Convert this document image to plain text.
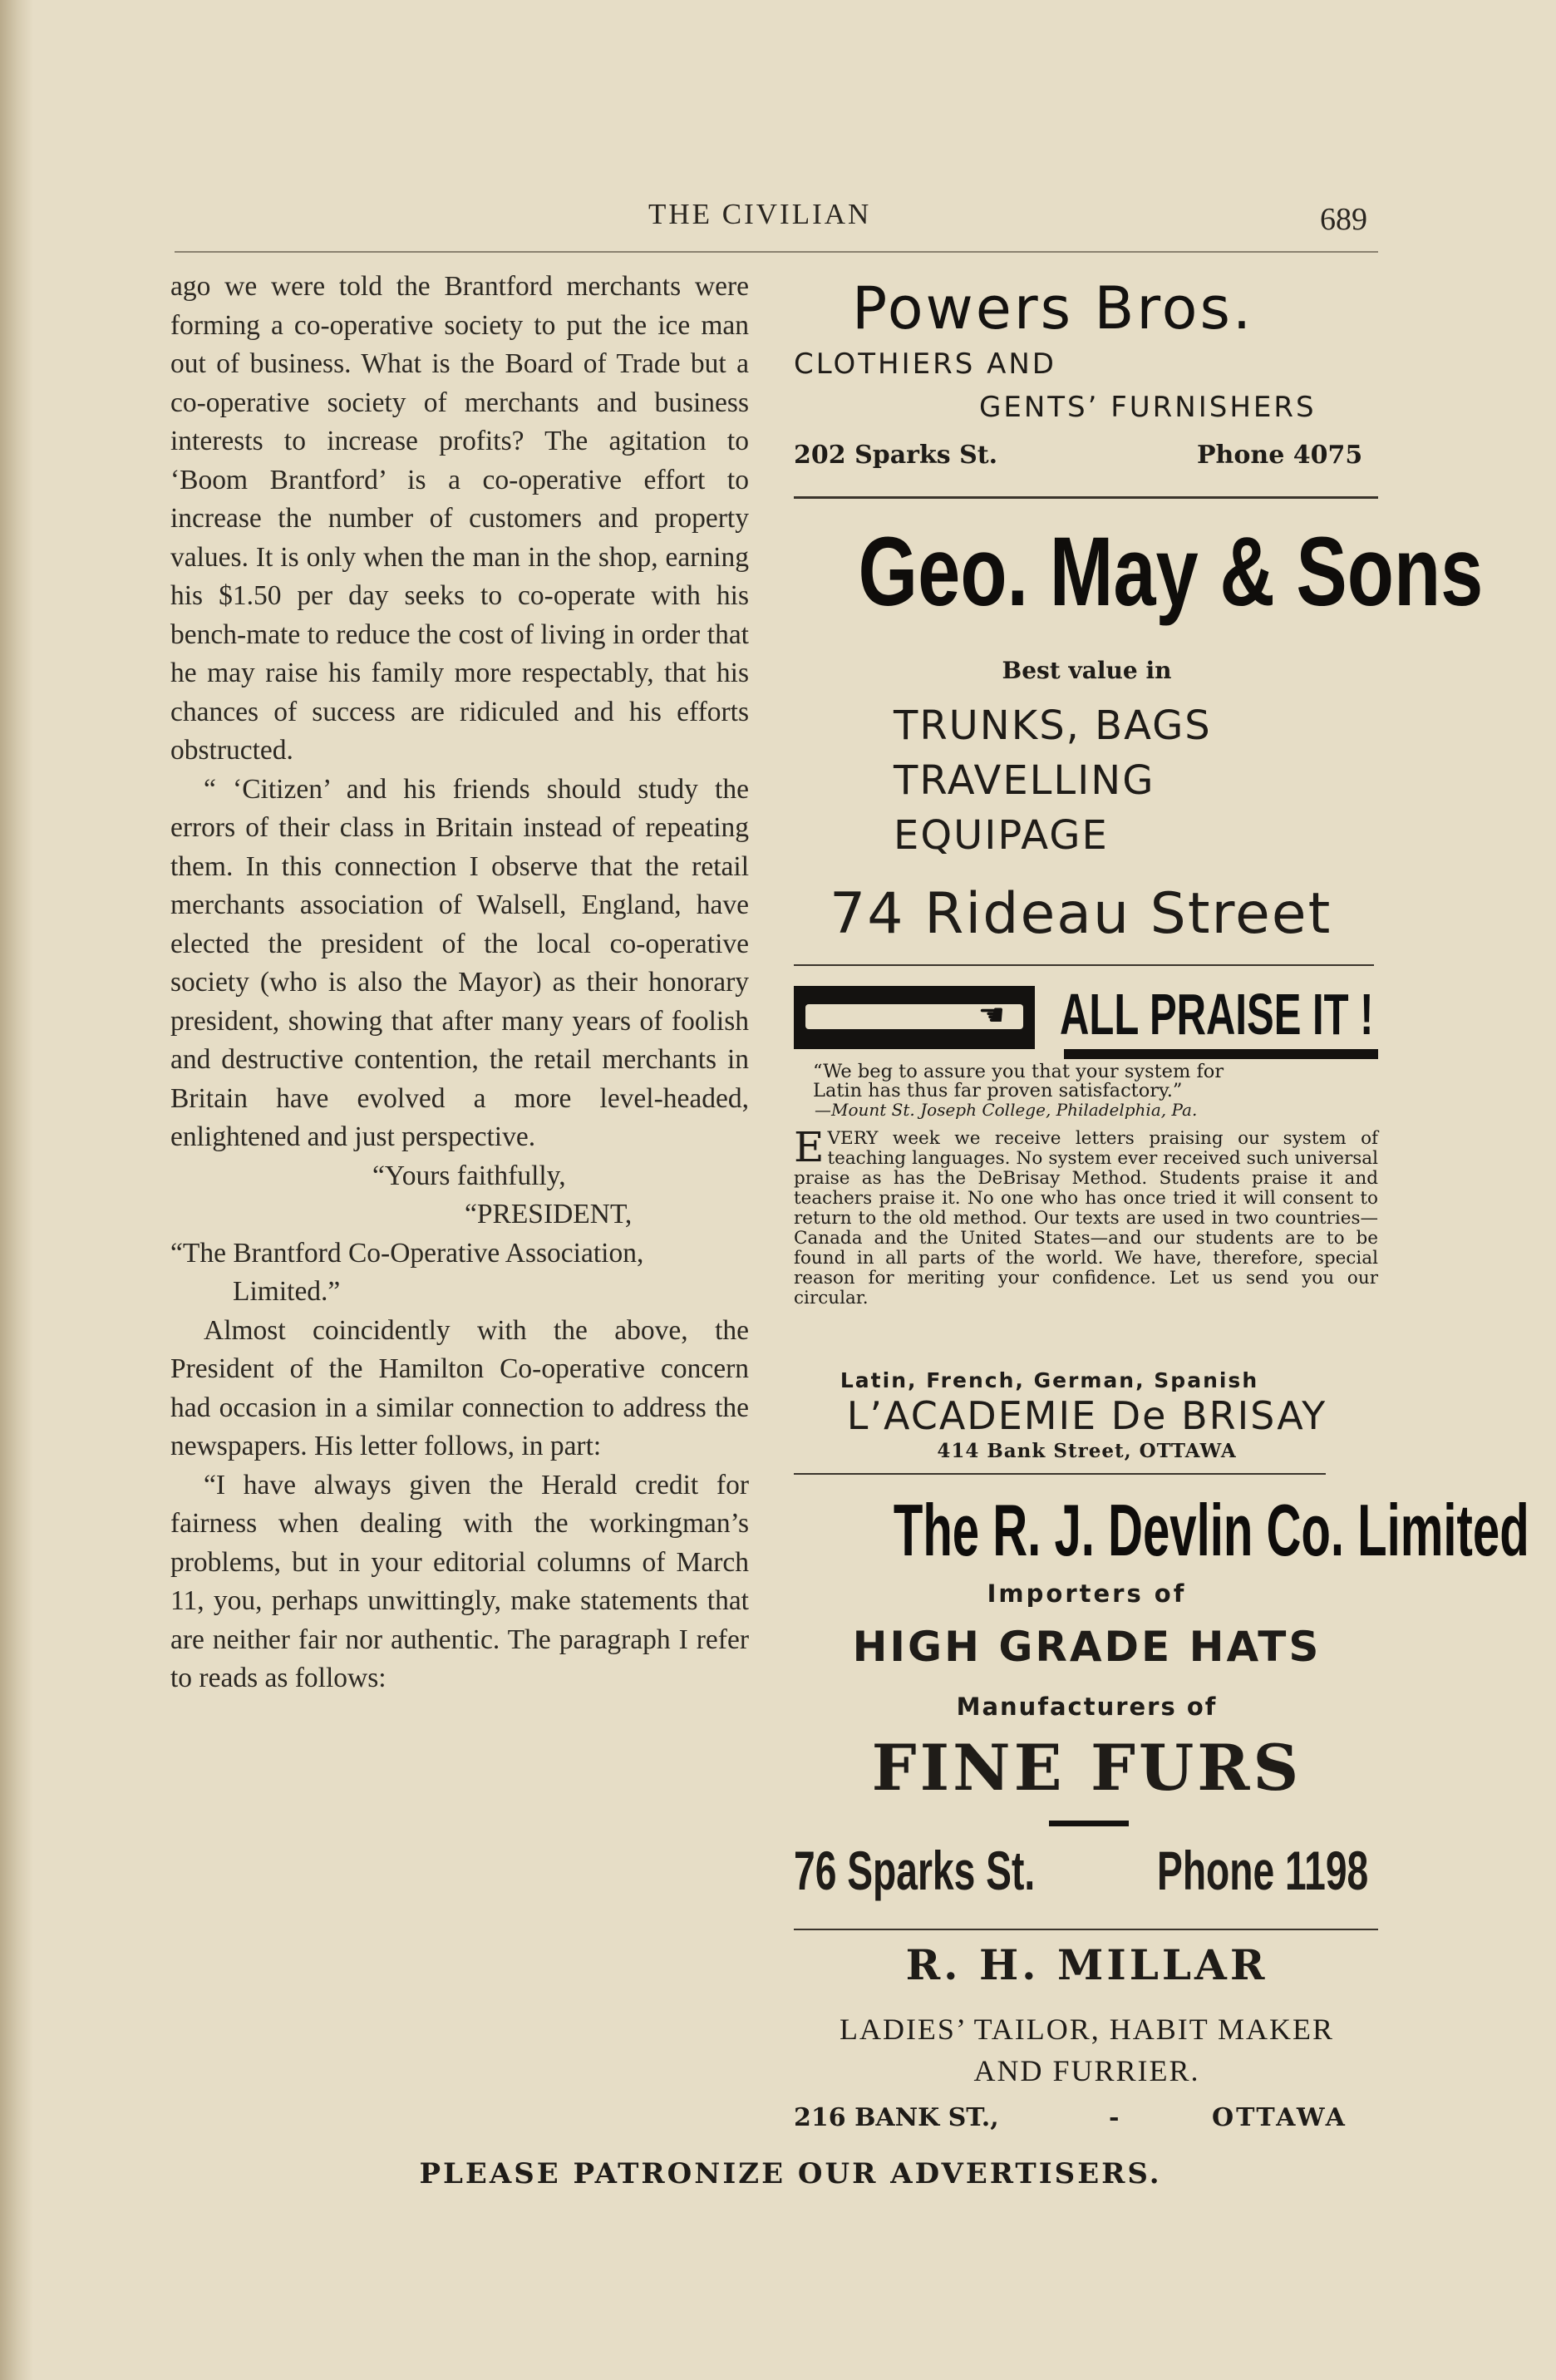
THE CIVILIAN	689

ago we were told the Brantford merchants were forming a co-operative society to put the ice man out of business. What is the Board of Trade but a co-operative society of merchants and business interests to increase profits? The agitation to ‘Boom Brantford’ is a co-operative effort to increase the number of customers and property values. It is only when the man in the shop, earning his $1.50 per day seeks to co-operate with his bench-mate to reduce the cost of living in order that he may raise his family more respectably, that his chances of success are ridiculed and his efforts obstructed.

“ ‘Citizen’ and his friends should study the errors of their class in Britain instead of repeating them. In this connection I observe that the retail merchants association of Walsell, England, have elected the president of the local co-operative society (who is also the Mayor) as their honorary president, showing that after many years of foolish and destructive contention, the retail merchants in Britain have evolved a more level-headed, enlightened and just perspective.

“Yours faithfully,

“PRESIDENT,

“The Brantford Co-Operative Association, Limited.”

Almost coincidently with the above, the President of the Hamilton Co-operative concern had occasion in a similar connection to address the newspapers. His letter follows, in part:

“I have always given the Herald credit for fairness when dealing with the workingman’s problems, but in your editorial columns of March 11, you, perhaps unwittingly, make statements that are neither fair nor authentic. The paragraph I refer to reads as follows:

Powers Bros.
CLOTHIERS AND
GENTS’ FURNISHERS
202 Sparks St.	Phone 4075
Geo. May & Sons
Best value in
TRUNKS, BAGS
TRAVELLING
EQUIPAGE
74 Rideau Street
☚ ALL PRAISE IT !
“We beg to assure you that your system for
Latin has thus far proven satisfactory.”
—Mount St. Joseph College, Philadelphia, Pa.
E VERY week we receive letters praising our system of teaching languages. No system ever received such universal praise as has the DeBrisay Method. Students praise it and teachers praise it. No one who has once tried it will consent to return to the old method. Our texts are used in two countries—Canada and the United States—and our students are to be found in all parts of the world. We have, therefore, special reason for meriting your confidence. Let us send you our circular.
Latin, French, German, Spanish
L’ACADEMIE De BRISAY
414 Bank Street, OTTAWA
The R. J. Devlin Co. Limited
Importers of
HIGH GRADE HATS
Manufacturers of
FINE FURS
76 Sparks St. Phone 1198
R. H. MILLAR
LADIES’ TAILOR, HABIT MAKER
AND FURRIER.
216 BANK ST.,	-	OTTAWA
PLEASE PATRONIZE OUR ADVERTISERS.
